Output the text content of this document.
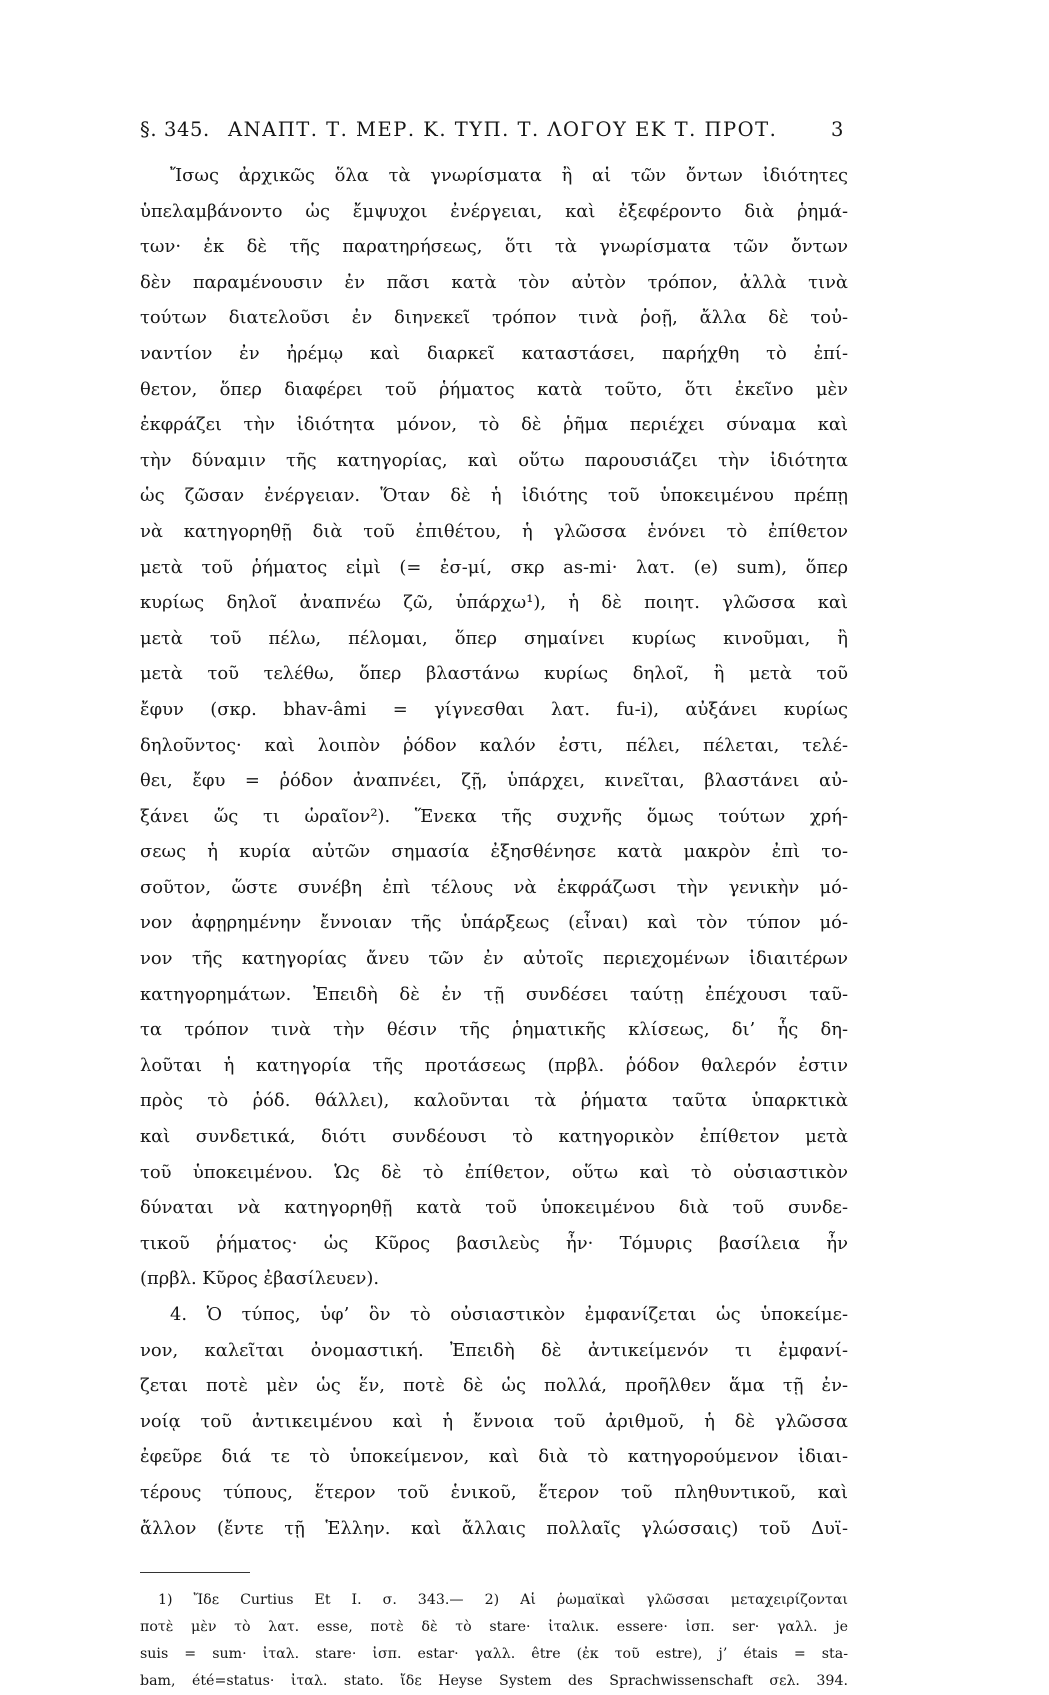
§. 345. ΑΝΑΠΤ. Τ. ΜΕΡ. Κ. ΤΥΠ. Τ. ΛΟΓΟΥ ΕΚ Τ. ΠΡΟΤ.	3
Ἴσως ἀρχικῶς ὅλα τὰ γνωρίσματα ἢ αἱ τῶν ὄντων ἰδιότητες
ὑπελαμβάνοντο ὡς ἔμψυχοι ἐνέργειαι, καὶ ἐξεφέροντο διὰ ῥημά-
των· ἐκ δὲ τῆς παρατηρήσεως, ὅτι τὰ γνωρίσματα τῶν ὄντων
δὲν παραμένουσιν ἐν πᾶσι κατὰ τὸν αὐτὸν τρόπον, ἀλλὰ τινὰ
τούτων διατελοῦσι ἐν διηνεκεῖ τρόπον τινὰ ῥοῇ, ἄλλα δὲ τοὐ-
ναντίον ἐν ἠρέμῳ καὶ διαρκεῖ καταστάσει, παρήχθη τὸ ἐπί-
θετον, ὅπερ διαφέρει τοῦ ῥήματος κατὰ τοῦτο, ὅτι ἐκεῖνο μὲν
ἐκφράζει τὴν ἰδιότητα μόνον, τὸ δὲ ῥῆμα περιέχει σύναμα καὶ
τὴν δύναμιν τῆς κατηγορίας, καὶ οὕτω παρουσιάζει τὴν ἰδιότητα
ὡς ζῶσαν ἐνέργειαν. Ὅταν δὲ ἡ ἰδιότης τοῦ ὑποκειμένου πρέπῃ
νὰ κατηγορηθῇ διὰ τοῦ ἐπιθέτου, ἡ γλῶσσα ἑνόνει τὸ ἐπίθετον
μετὰ τοῦ ῥήματος εἰμὶ (= ἐσ-μί, σκρ as-mi· λατ. (e) sum), ὅπερ
κυρίως δηλοῖ ἀναπνέω ζῶ, ὑπάρχω¹), ἡ δὲ ποιητ. γλῶσσα καὶ
μετὰ τοῦ πέλω, πέλομαι, ὅπερ σημαίνει κυρίως κινοῦμαι, ἢ
μετὰ τοῦ τελέθω, ὅπερ βλαστάνω κυρίως δηλοῖ, ἢ μετὰ τοῦ
ἔφυν (σκρ. bhav-âmi = γίγνεσθαι λατ. fu-i), αὐξάνει κυρίως
δηλοῦντος· καὶ λοιπὸν ῥόδον καλόν ἐστι, πέλει, πέλεται, τελέ-
θει, ἔφυ = ῥόδον ἀναπνέει, ζῇ, ὑπάρχει, κινεῖται, βλαστάνει αὐ-
ξάνει ὥς τι ὡραῖον²). Ἕνεκα τῆς συχνῆς ὅμως τούτων χρή-
σεως ἡ κυρία αὐτῶν σημασία ἐξησθένησε κατὰ μακρὸν ἐπὶ το-
σοῦτον, ὥστε συνέβη ἐπὶ τέλους νὰ ἐκφράζωσι τὴν γενικὴν μό-
νον ἀφῃρημένην ἔννοιαν τῆς ὑπάρξεως (εἶναι) καὶ τὸν τύπον μό-
νον τῆς κατηγορίας ἄνευ τῶν ἐν αὐτοῖς περιεχομένων ἰδιαιτέρων
κατηγορημάτων. Ἐπειδὴ δὲ ἐν τῇ συνδέσει ταύτῃ ἐπέχουσι ταῦ-
τα τρόπον τινὰ τὴν θέσιν τῆς ῥηματικῆς κλίσεως, δι’ ἧς δη-
λοῦται ἡ κατηγορία τῆς προτάσεως (πρβλ. ῥόδον θαλερόν ἐστιν
πρὸς τὸ ῥόδ. θάλλει), καλοῦνται τὰ ῥήματα ταῦτα ὑπαρκτικὰ
καὶ συνδετικά, διότι συνδέουσι τὸ κατηγορικὸν ἐπίθετον μετὰ
τοῦ ὑποκειμένου. Ὡς δὲ τὸ ἐπίθετον, οὕτω καὶ τὸ οὐσιαστικὸν
δύναται νὰ κατηγορηθῇ κατὰ τοῦ ὑποκειμένου διὰ τοῦ συνδε-
τικοῦ ῥήματος· ὡς Κῦρος βασιλεὺς ἦν· Τόμυρις βασίλεια ἦν
(πρβλ. Κῦρος ἐβασίλευεν).
4. Ὁ τύπος, ὑφ’ ὃν τὸ οὐσιαστικὸν ἐμφανίζεται ὡς ὑποκείμε-
νον, καλεῖται ὀνομαστική. Ἐπειδὴ δὲ ἀντικείμενόν τι ἐμφανί-
ζεται ποτὲ μὲν ὡς ἕν, ποτὲ δὲ ὡς πολλά, προῆλθεν ἅμα τῇ ἐν-
νοίᾳ τοῦ ἀντικειμένου καὶ ἡ ἔννοια τοῦ ἀριθμοῦ, ἡ δὲ γλῶσσα
ἐφεῦρε διά τε τὸ ὑποκείμενον, καὶ διὰ τὸ κατηγορούμενον ἰδιαι-
τέρους τύπους, ἕτερον τοῦ ἑνικοῦ, ἕτερον τοῦ πληθυντικοῦ, καὶ
ἄλλον (ἔντε τῇ Ἑλλην. καὶ ἄλλαις πολλαῖς γλώσσαις) τοῦ Δυϊ-
1) Ἴδε Curtius Et I. σ. 343.— 2) Αἱ ῥωμαϊκαὶ γλῶσσαι μεταχειρίζονται
ποτὲ μὲν τὸ λατ. esse, ποτὲ δὲ τὸ stare· ἰταλικ. essere· ἰσπ. ser· γαλλ. je
suis = sum· ἰταλ. stare· ἰσπ. estar· γαλλ. être (ἐκ τοῦ estre), j’ étais = sta-
bam, été=status· ἰταλ. stato. ἴδε Heyse System des Sprachwissenschaft σελ. 394.
